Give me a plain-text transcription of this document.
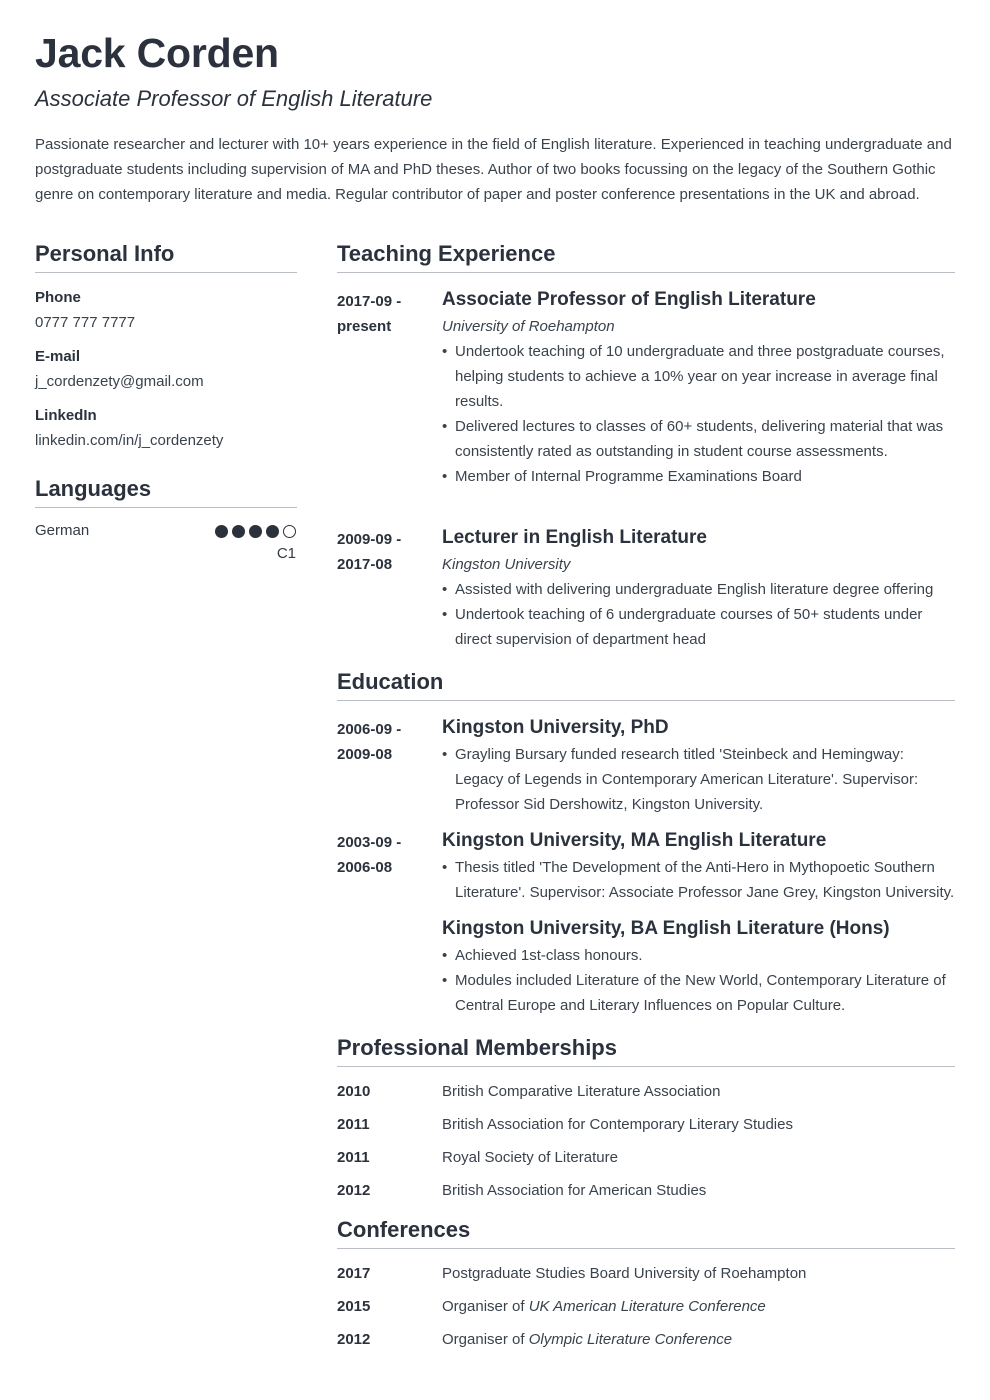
Jack Corden
Associate Professor of English Literature
Passionate researcher and lecturer with 10+ years experience in the field of English literature. Experienced in teaching undergraduate and postgraduate students including supervision of MA and PhD theses. Author of two books focussing on the legacy of the Southern Gothic genre on contemporary literature and media. Regular contributor of paper and poster conference presentations in the UK and abroad.
Personal Info
Phone
0777 777 7777
E-mail
j_cordenzety@gmail.com
LinkedIn
linkedin.com/in/j_cordenzety
Languages
German
C1
Teaching Experience
2017-09 -
present
Associate Professor of English Literature
University of Roehampton
• Undertook teaching of 10 undergraduate and three postgraduate courses, helping students to achieve a 10% year on year increase in average final results.
• Delivered lectures to classes of 60+ students, delivering material that was consistently rated as outstanding in student course assessments.
• Member of Internal Programme Examinations Board
2009-09 -
2017-08
Lecturer in English Literature
Kingston University
• Assisted with delivering undergraduate English literature degree offering
• Undertook teaching of 6 undergraduate courses of 50+ students under direct supervision of department head
Education
2006-09 -
2009-08
Kingston University, PhD
• Grayling Bursary funded research titled 'Steinbeck and Hemingway: Legacy of Legends in Contemporary American Literature'. Supervisor: Professor Sid Dershowitz, Kingston University.
2003-09 -
2006-08
Kingston University, MA English Literature
• Thesis titled 'The Development of the Anti-Hero in Mythopoetic Southern Literature'. Supervisor: Associate Professor Jane Grey, Kingston University.
Kingston University, BA English Literature (Hons)
• Achieved 1st-class honours.
• Modules included Literature of the New World, Contemporary Literature of Central Europe and Literary Influences on Popular Culture.
Professional Memberships
2010	British Comparative Literature Association
2011	British Association for Contemporary Literary Studies
2011	Royal Society of Literature
2012	British Association for American Studies
Conferences
2017	Postgraduate Studies Board University of Roehampton
2015	Organiser of UK American Literature Conference
2012	Organiser of Olympic Literature Conference
